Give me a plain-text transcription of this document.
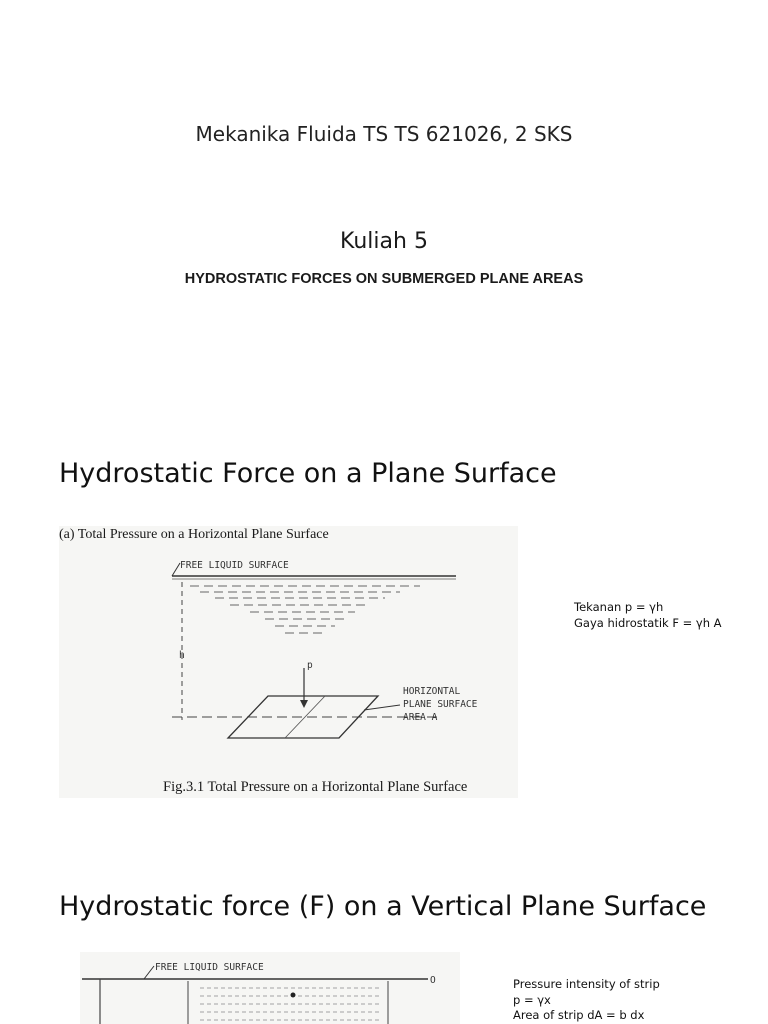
Mekanika Fluida TS TS 621026, 2 SKS
Kuliah 5
HYDROSTATIC FORCES ON SUBMERGED PLANE AREAS
Hydrostatic Force on a Plane Surface
(a) Total Pressure on a Horizontal Plane Surface
FREE LIQUID SURFACE
h
p
HORIZONTAL
PLANE SURFACE
AREA A
Fig.3.1 Total Pressure on a Horizontal Plane Surface
Tekanan p = γh
Gaya hidrostatik F = γh A
Hydrostatic force (F) on a Vertical Plane Surface
FREE LIQUID SURFACE
O	Pressure intensity of strip
p = γx
Area of strip dA = b dx
